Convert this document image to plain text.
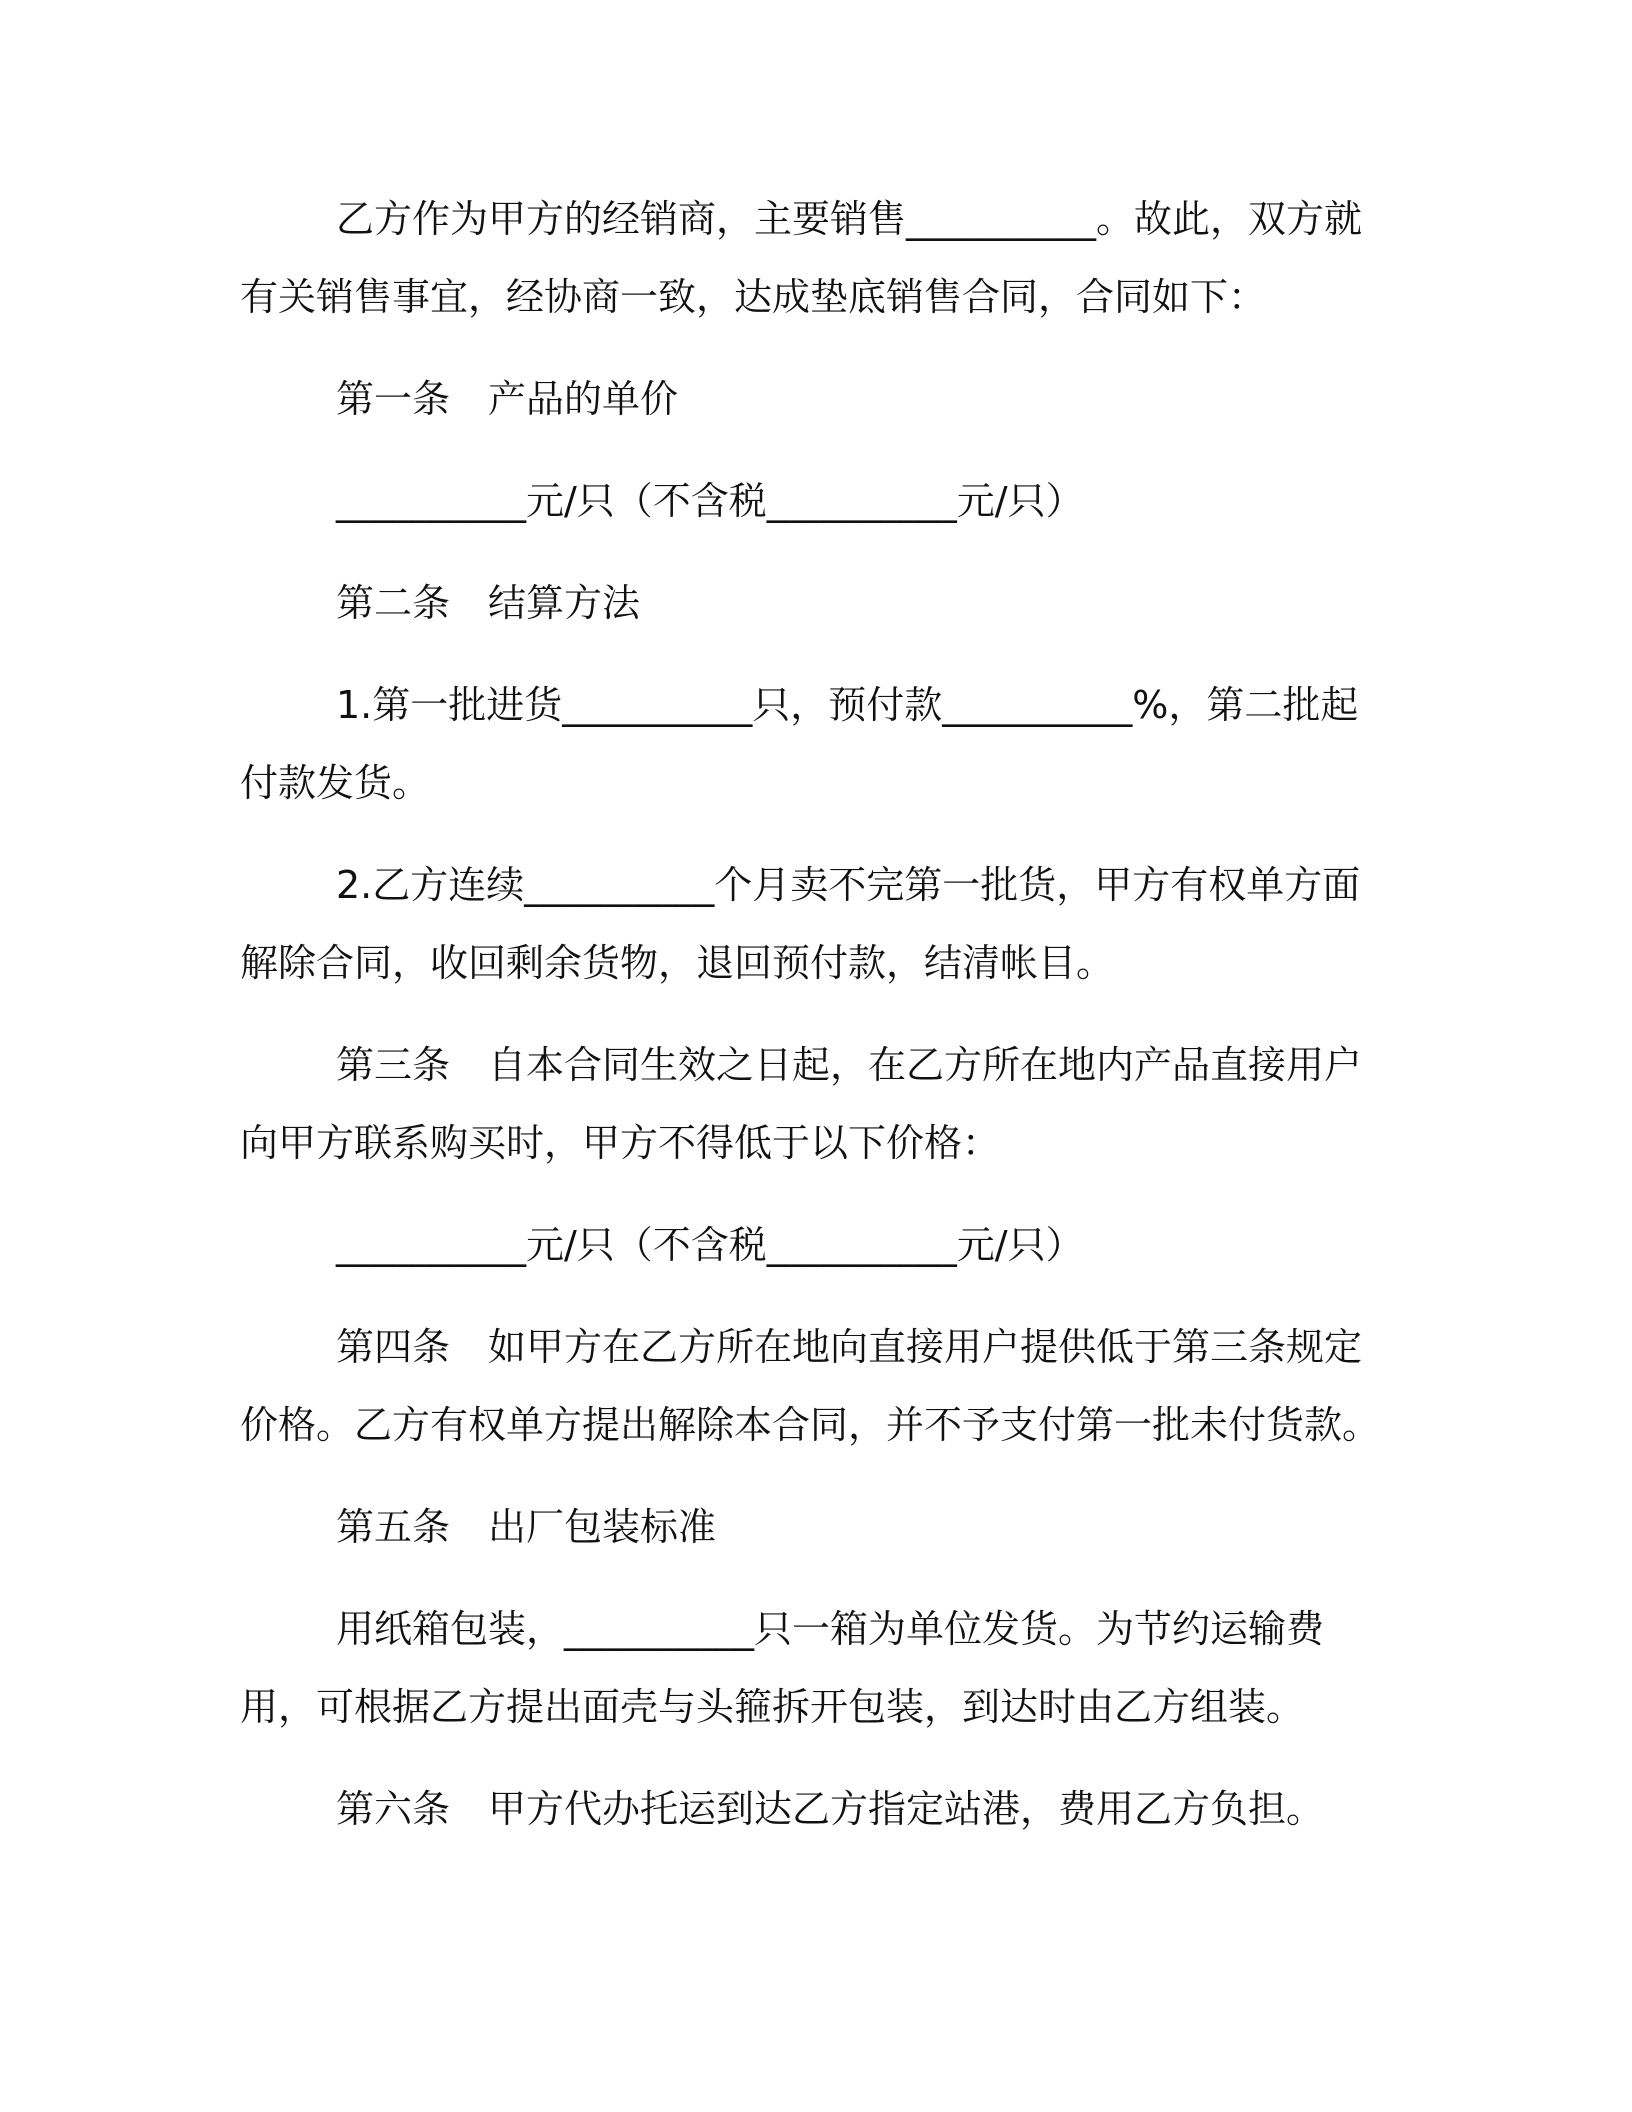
乙方作为甲方的经销商，主要销售__________。故此，双方就有关销售事宜，经协商一致，达成垫底销售合同，合同如下：

第一条　产品的单价

__________元/只（不含税__________元/只）

第二条　结算方法

1.第一批进货__________只，预付款__________%，第二批起付款发货。

2.乙方连续__________个月卖不完第一批货，甲方有权单方面解除合同，收回剩余货物，退回预付款，结清帐目。

第三条　自本合同生效之日起，在乙方所在地内产品直接用户向甲方联系购买时，甲方不得低于以下价格：

__________元/只（不含税__________元/只）

第四条　如甲方在乙方所在地向直接用户提供低于第三条规定价格。乙方有权单方提出解除本合同，并不予支付第一批未付货款。

第五条　出厂包装标准

用纸箱包装，__________只一箱为单位发货。为节约运输费用，可根据乙方提出面壳与头箍拆开包装，到达时由乙方组装。

第六条　甲方代办托运到达乙方指定站港，费用乙方负担。
